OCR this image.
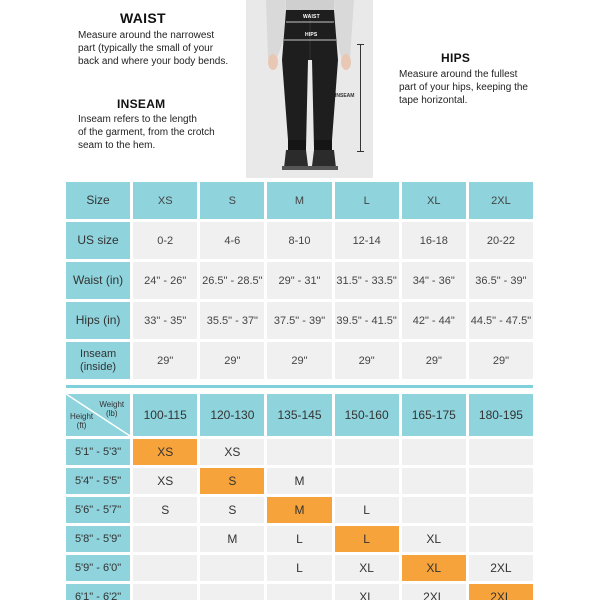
WAIST
Measure around the narrowest
part (typically the small of your
back and where your body bends.
INSEAM
Inseam refers to the length
of the garment, from the crotch
seam to the hem.
HIPS
Measure around the fullest
part of your hips, keeping the
tape horizontal.
WAIST
HIPS
INSEAM
Size	XS	S	M	L	XL	2XL
US size	0-2	4-6	8-10	12-14	16-18	20-22
Waist (in)	24" - 26"	26.5" - 28.5"	29" - 31"	31.5" - 33.5"	34" - 36"	36.5" - 39"
Hips (in)	33" - 35"	35.5" - 37"	37.5" - 39"	39.5" - 41.5"	42" - 44"	44.5" - 47.5"

Inseam
(inside)	29"	29"	29"	29"	29"	29"
Weight
(lb)
Height
(ft)	100-115	120-130	135-145	150-160	165-175	180-195
5'1" - 5'3"	XS	XS				
5'4" - 5'5"	XS	S	M			
5'6" - 5'7"	S	S	M	L		
5'8" - 5'9"		M	L	L	XL	
5'9" - 6'0"			L	XL	XL	2XL
6'1" - 6'2"				XL	2XL	2XL
